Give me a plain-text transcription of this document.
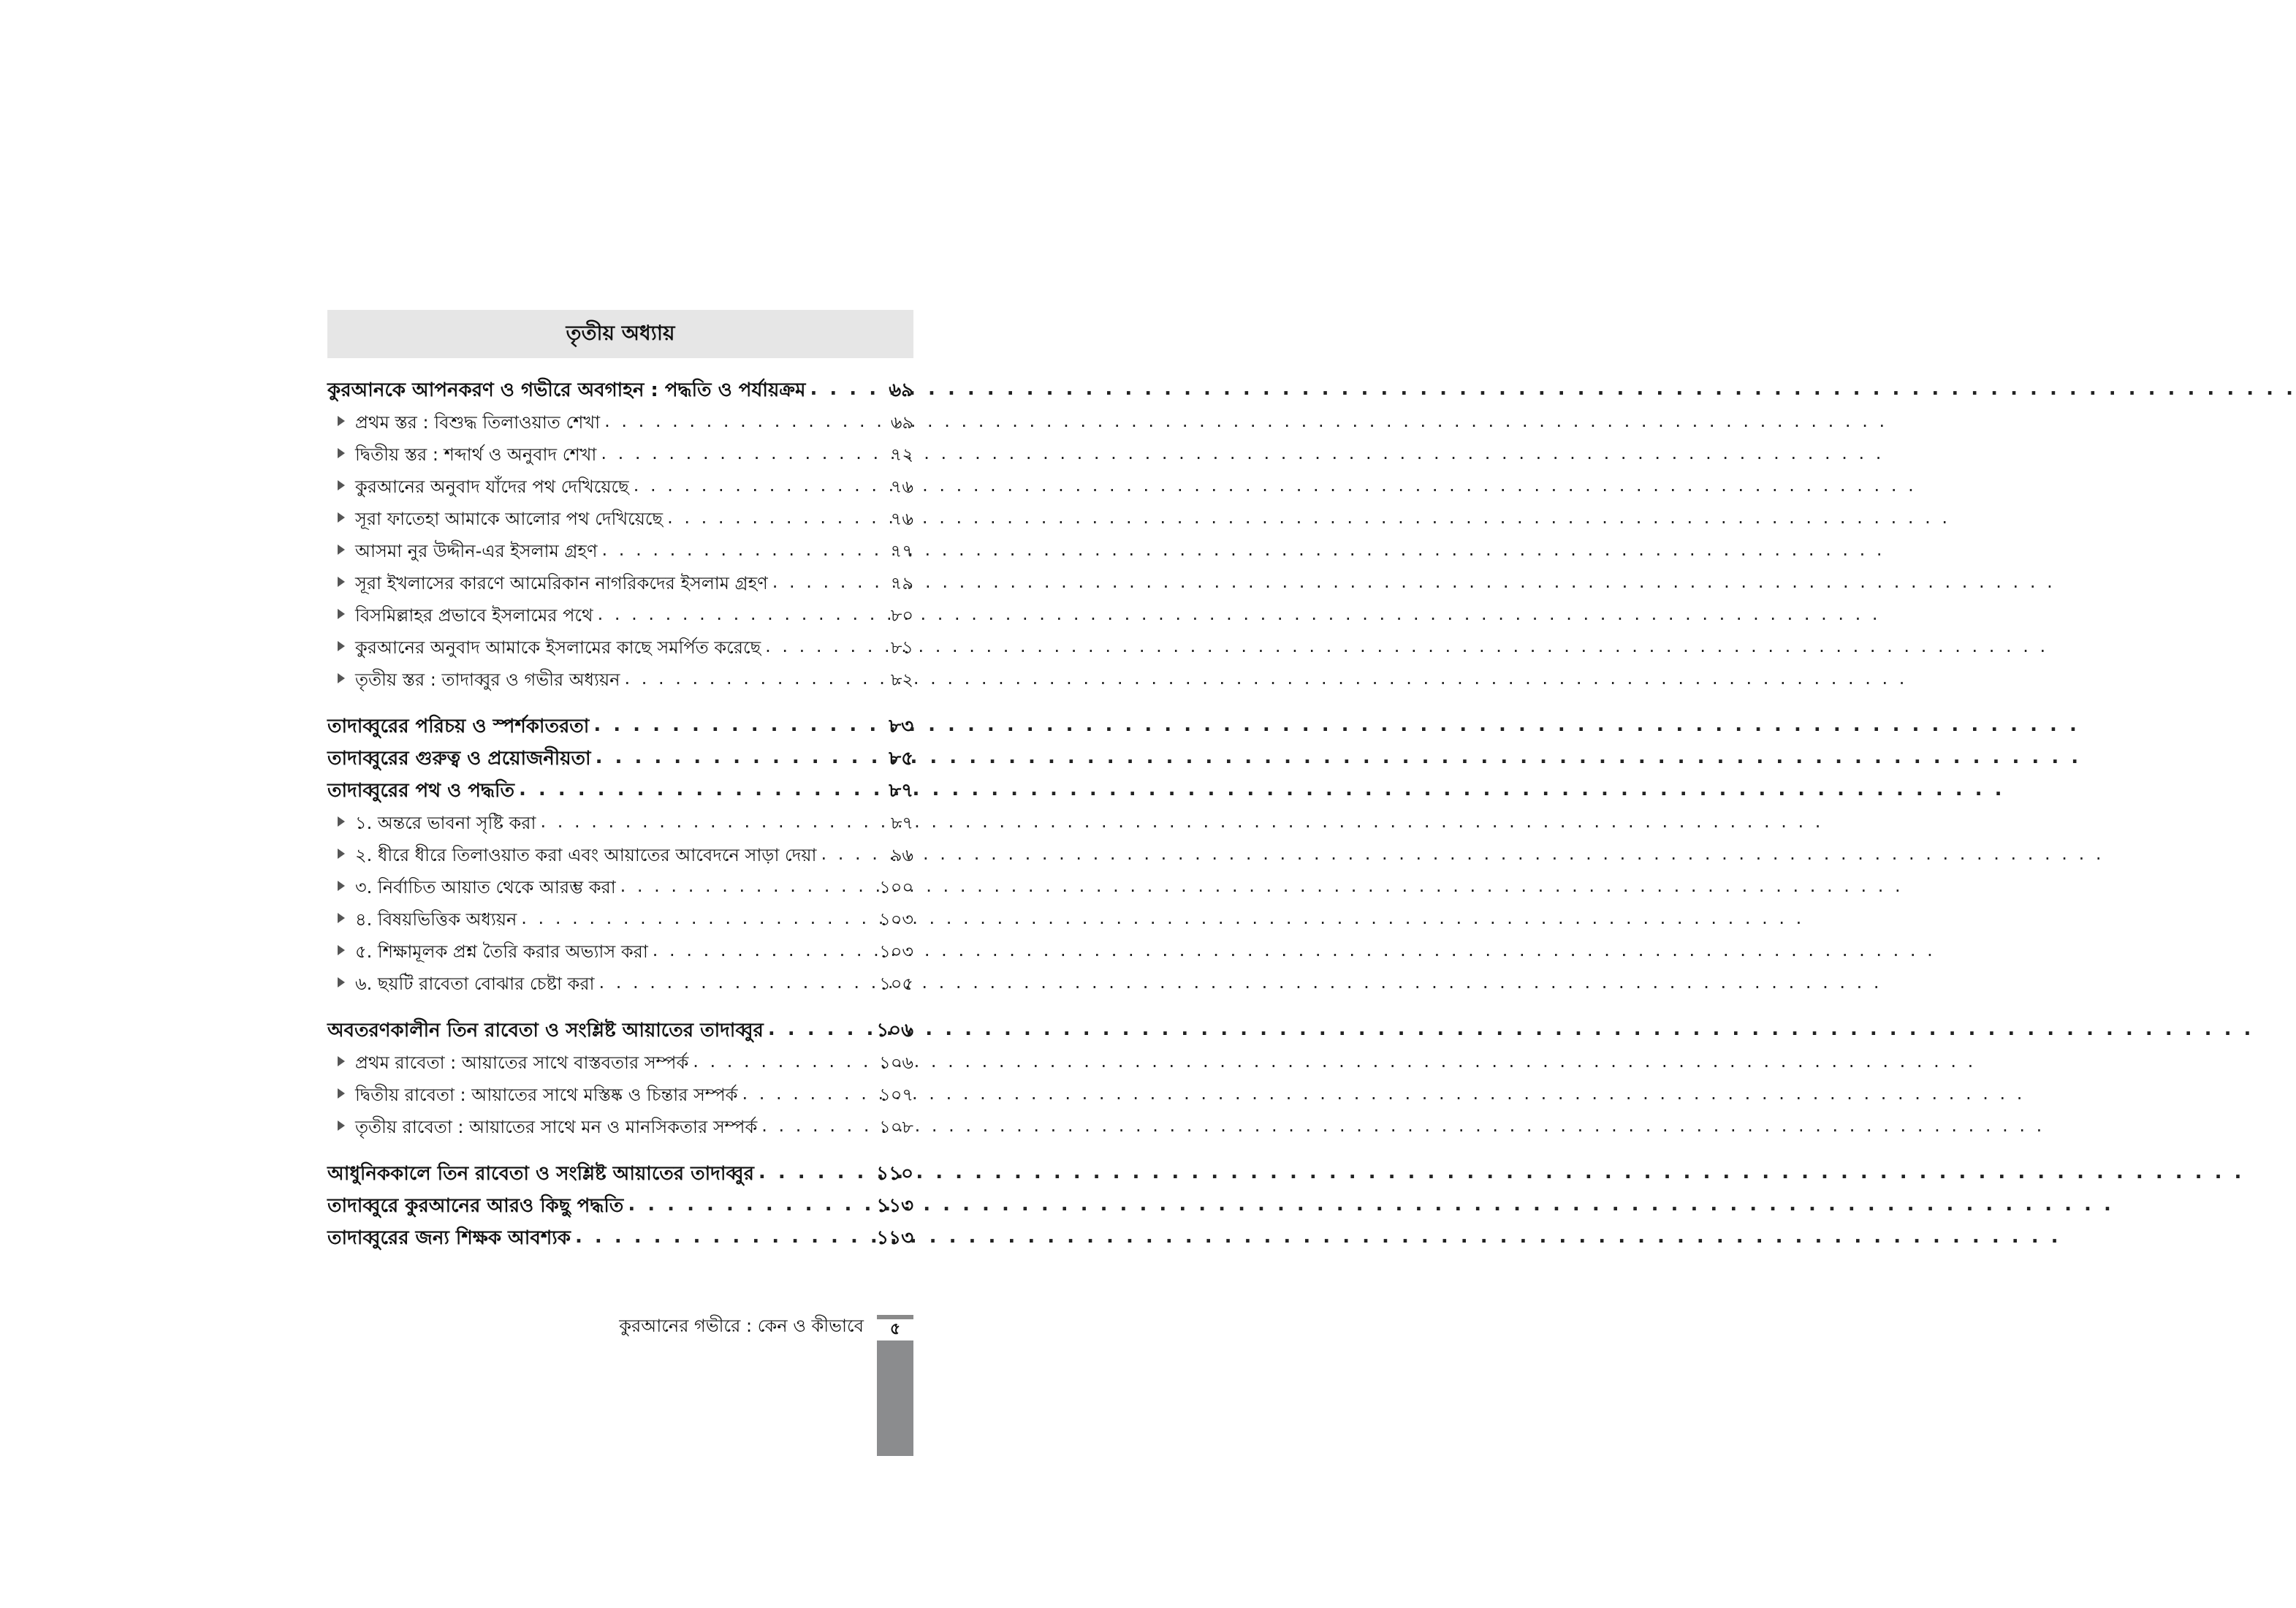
তৃতীয় অধ্যায়
কুরআনকে আপনকরণ ও গভীরে অবগাহন : পদ্ধতি ও পর্যায়ক্রম . . .	৬৯
প্রথম স্তর : বিশুদ্ধ তিলাওয়াত শেখা . . .	৬৯
দ্বিতীয় স্তর : শব্দার্থ ও অনুবাদ শেখা . . .	৭২
কুরআনের অনুবাদ যাঁদের পথ দেখিয়েছে . . .	৭৬
সূরা ফাতেহা আমাকে আলোর পথ দেখিয়েছে . . .	৭৬
আসমা নুর উদ্দীন-এর ইসলাম গ্রহণ . . .	৭৭
সূরা ইখলাসের কারণে আমেরিকান নাগরিকদের ইসলাম গ্রহণ . . .	৭৯
বিসমিল্লাহর প্রভাবে ইসলামের পথে . . .	৮০
কুরআনের অনুবাদ আমাকে ইসলামের কাছে সমর্পিত করেছে . . .	৮১
তৃতীয় স্তর : তাদাব্বুর ও গভীর অধ্যয়ন . . .	৮২
তাদাব্বুরের পরিচয় ও স্পর্শকাতরতা . . .	৮৩
তাদাব্বুরের গুরুত্ব ও প্রয়োজনীয়তা . . .	৮৫
তাদাব্বুরের পথ ও পদ্ধতি . . .	৮৭
১. অন্তরে ভাবনা সৃষ্টি করা . . .	৮৭
২. ধীরে ধীরে তিলাওয়াত করা এবং আয়াতের আবেদনে সাড়া দেয়া . . .	৯৬
৩. নির্বাচিত আয়াত থেকে আরম্ভ করা . . .	১০০
৪. বিষয়ভিত্তিক অধ্যয়ন . . .	১০৩
৫. শিক্ষামূলক প্রশ্ন তৈরি করার অভ্যাস করা . . .	১০৩
৬. ছয়টি রাবেতা বোঝার চেষ্টা করা . . .	১০৫
অবতরণকালীন তিন রাবেতা ও সংশ্লিষ্ট আয়াতের তাদাব্বুর . . .	১০৬
প্রথম রাবেতা : আয়াতের সাথে বাস্তবতার সম্পর্ক . . .	১০৬
দ্বিতীয় রাবেতা : আয়াতের সাথে মস্তিষ্ক ও চিন্তার সম্পর্ক . . .	১০৭
তৃতীয় রাবেতা : আয়াতের সাথে মন ও মানসিকতার সম্পর্ক . . .	১০৮
আধুনিককালে তিন রাবেতা ও সংশ্লিষ্ট আয়াতের তাদাব্বুর . . .	১১০
তাদাব্বুরে কুরআনের আরও কিছু পদ্ধতি . . .	১১৩
তাদাব্বুরের জন্য শিক্ষক আবশ্যক . . .	১১৩
কুরআনের গভীরে : কেন ও কীভাবে	৫
